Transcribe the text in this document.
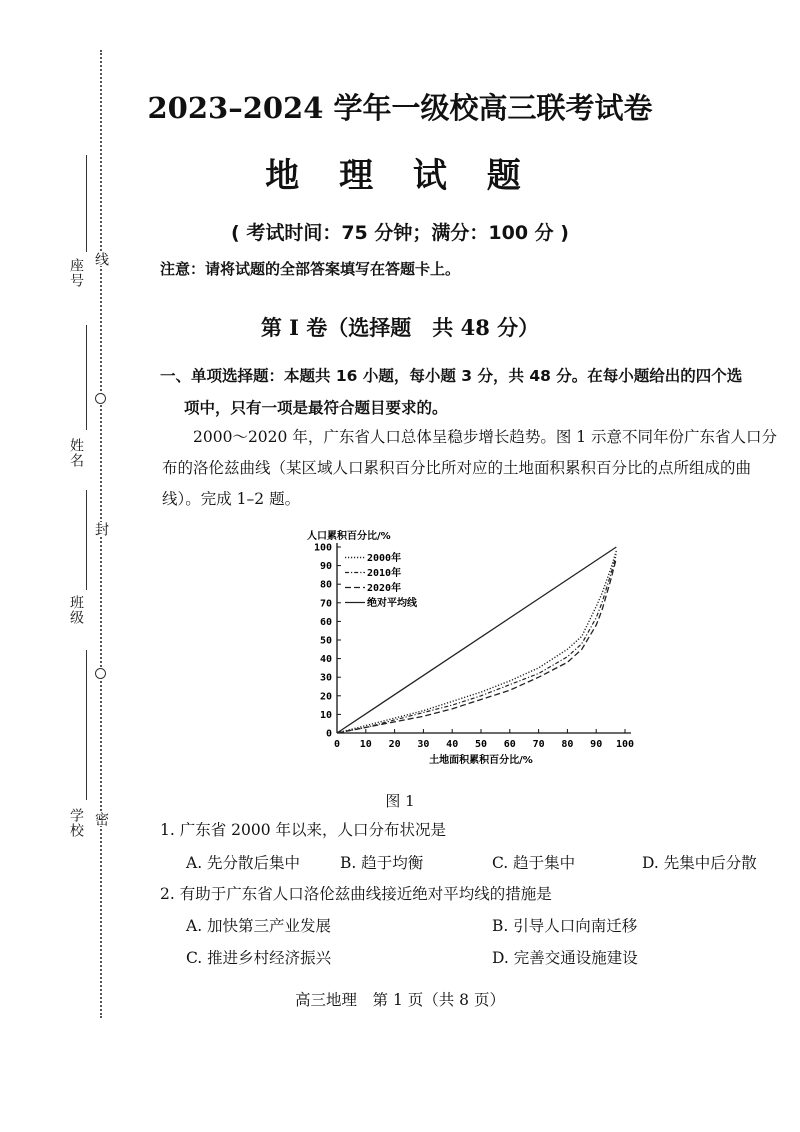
线
封
密
座号
姓名
班级
学校
2023–2024 学年一级校高三联考试卷
地 理 试 题
( 考试时间：75 分钟；满分：100 分 )
注意：请将试题的全部答案填写在答题卡上。
第 I 卷（选择题　共 48 分）
一、单项选择题：本题共 16 小题，每小题 3 分，共 48 分。在每小题给出的四个选
项中，只有一项是最符合题目要求的。
2000～2020 年，广东省人口总体呈稳步增长趋势。图 1 示意不同年份广东省人口分布的洛伦兹曲线（某区域人口累积百分比所对应的土地面积累积百分比的点所组成的曲线）。完成 1–2 题。
0
10
20
30
40
50
60
70
80
90
100
0 10 20 30 40 50 60 70 80 90 100
人口累积百分比/%
土地面积累积百分比/%
2000年
2010年
2020年
绝对平均线
图 1
1. 广东省 2000 年以来，人口分布状况是
A. 先分散后集中	B. 趋于均衡	C. 趋于集中	D. 先集中后分散
2. 有助于广东省人口洛伦兹曲线接近绝对平均线的措施是
A. 加快第三产业发展	B. 引导人口向南迁移
C. 推进乡村经济振兴	D. 完善交通设施建设
高三地理　第 1 页（共 8 页）
